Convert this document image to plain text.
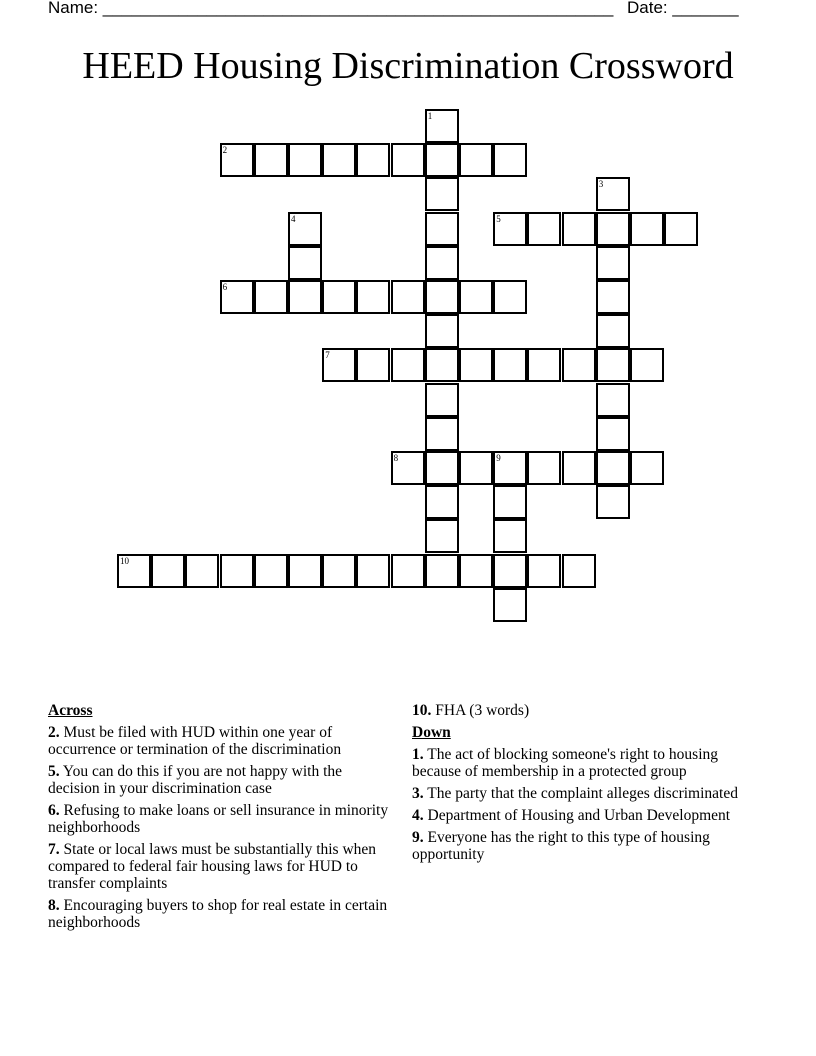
Name: ______________________________________________________ Date: _______
HEED Housing Discrimination Crossword
1
2
3
4	5
6
7
8	9
10
Across
2. Must be filed with HUD within one year of occurrence or termination of the discrimination
5. You can do this if you are not happy with the decision in your discrimination case
6. Refusing to make loans or sell insurance in minority neighborhoods
7. State or local laws must be substantially this when compared to federal fair housing laws for HUD to transfer complaints
8. Encouraging buyers to shop for real estate in certain neighborhoods
10. FHA (3 words)
Down
1. The act of blocking someone's right to housing because of membership in a protected group
3. The party that the complaint alleges discriminated
4. Department of Housing and Urban Development
9. Everyone has the right to this type of housing opportunity
